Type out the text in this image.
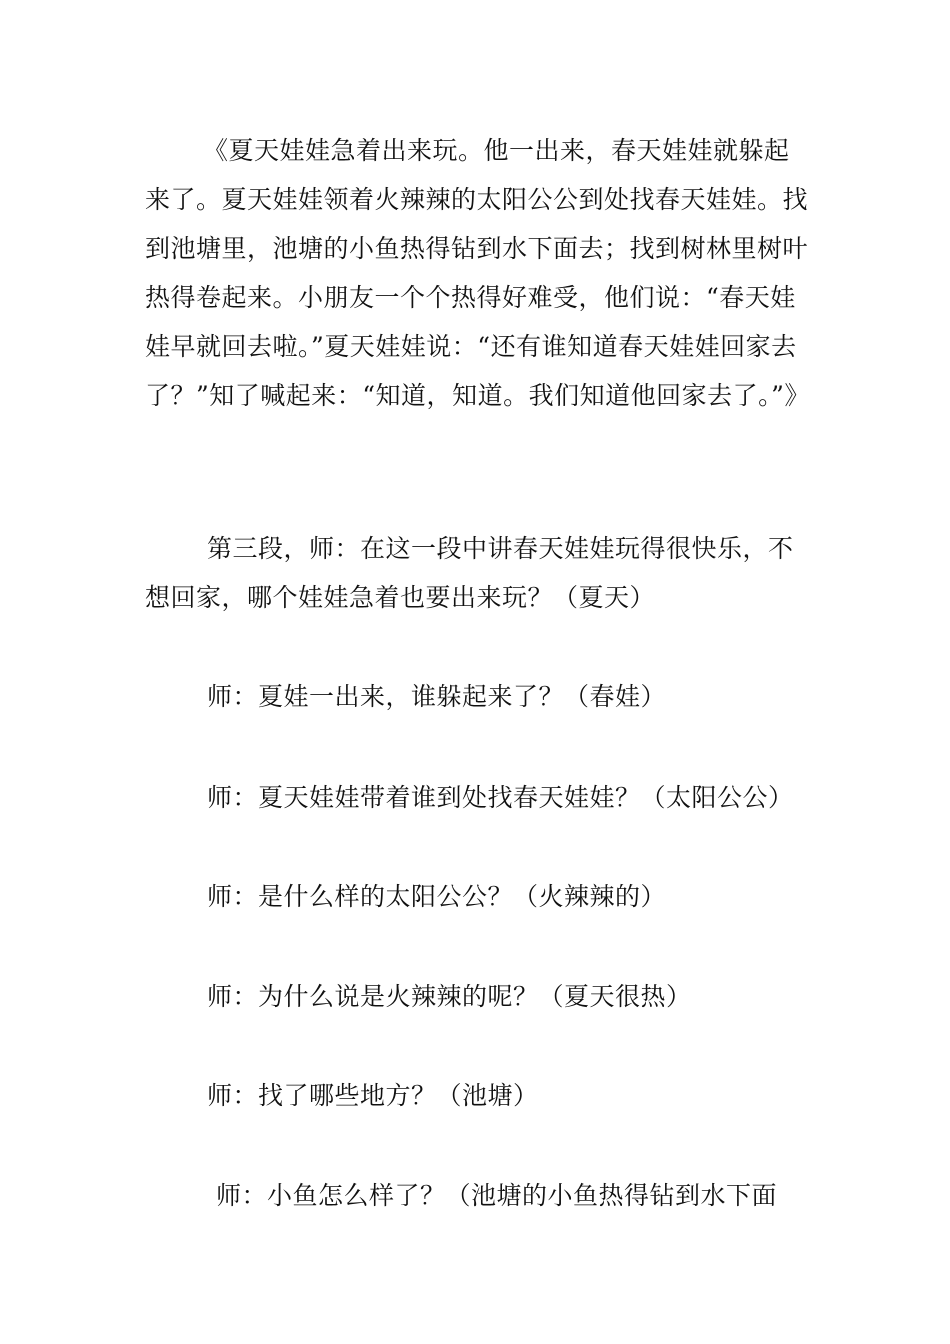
《夏天娃娃急着出来玩。他一出来，春天娃娃就躲起来了。夏天娃娃领着火辣辣的太阳公公到处找春天娃娃。找到池塘里，池塘的小鱼热得钻到水下面去；找到树林里树叶热得卷起来。小朋友一个个热得好难受，他们说：“春天娃娃早就回去啦。”夏天娃娃说：“还有谁知道春天娃娃回家去了？”知了喊起来：“知道，知道。我们知道他回家去了。”》

第三段，师：在这一段中讲春天娃娃玩得很快乐，不想回家，哪个娃娃急着也要出来玩？（夏天）

师：夏娃一出来，谁躲起来了？（春娃）

师：夏天娃娃带着谁到处找春天娃娃？（太阳公公）

师：是什么样的太阳公公？（火辣辣的）

师：为什么说是火辣辣的呢？（夏天很热）

师：找了哪些地方？（池塘）

师：小鱼怎么样了？（池塘的小鱼热得钻到水下面
